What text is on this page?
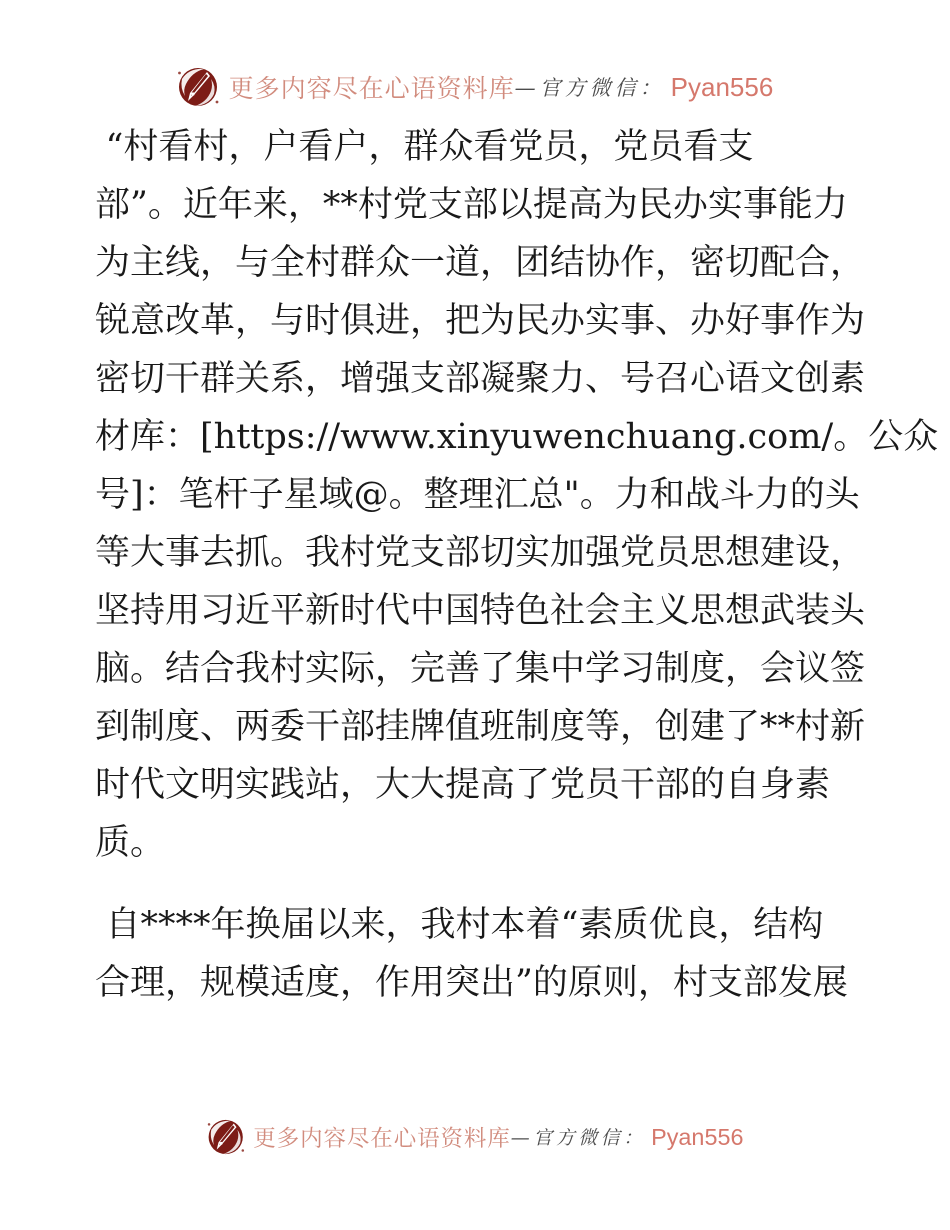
更多内容尽在心语资料库 —官方微信： Pyan556

“村看村，户看户，群众看党员，党员看支
部”。近年来，**村党支部以提高为民办实事能力
为主线，与全村群众一道，团结协作，密切配合，
锐意改革，与时俱进，把为民办实事、办好事作为
密切干群关系，增强支部凝聚力、号召心语文创素
材库：[https://www.xinyuwenchuang.com/。公众
号]：笔杆子星域@。整理汇总"。力和战斗力的头
等大事去抓。我村党支部切实加强党员思想建设，
坚持用习近平新时代中国特色社会主义思想武装头
脑。结合我村实际，完善了集中学习制度，会议签
到制度、两委干部挂牌值班制度等，创建了**村新
时代文明实践站，大大提高了党员干部的自身素
质。

自****年换届以来，我村本着“素质优良，结构
合理，规模适度，作用突出”的原则，村支部发展

更多内容尽在心语资料库 —官方微信： Pyan556
